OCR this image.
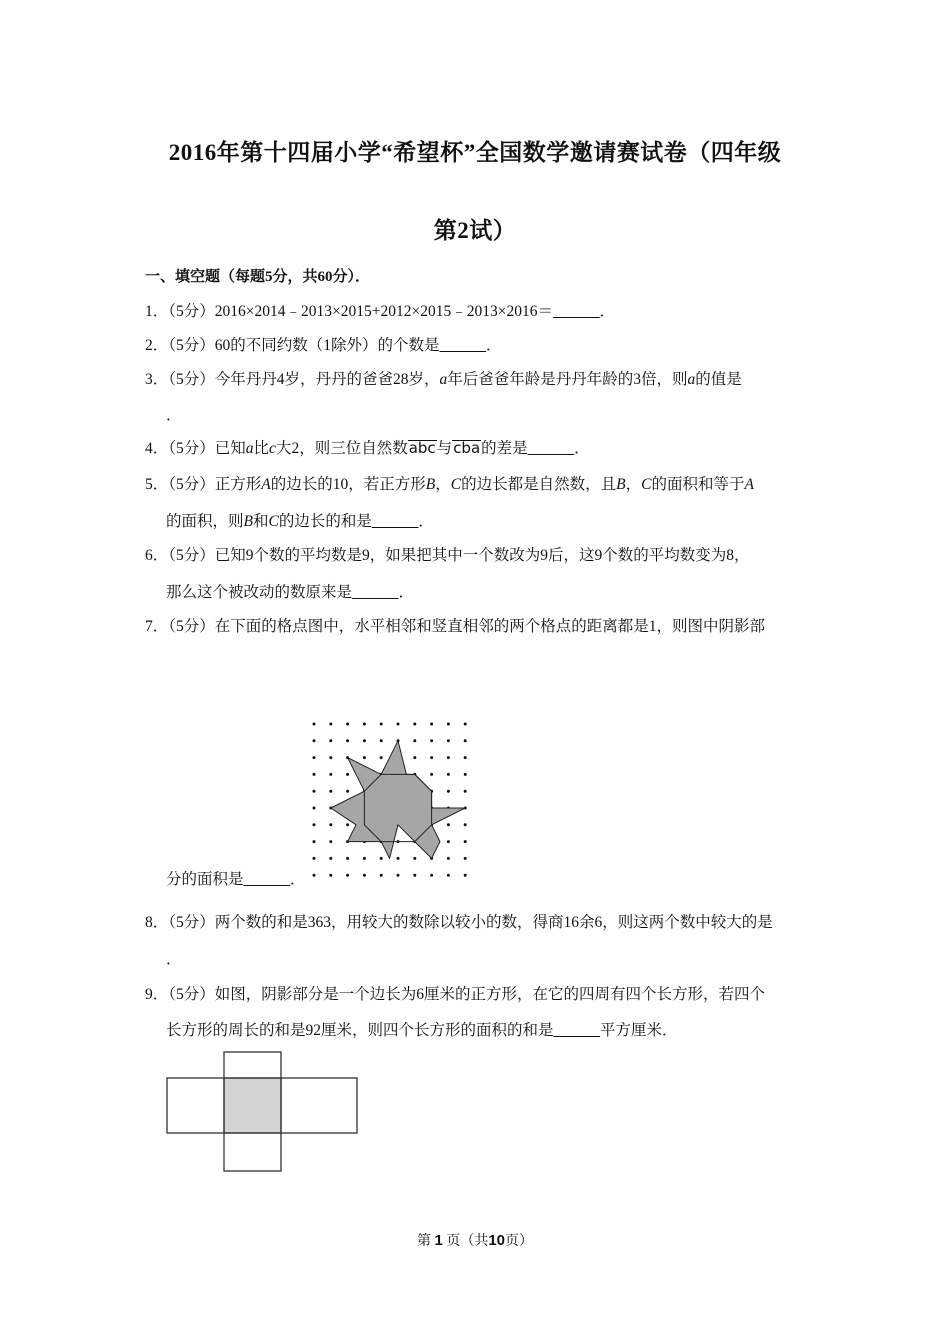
2016年第十四届小学“希望杯”全国数学邀请赛试卷（四年级
第2试）
一、填空题（每题5分，共60分）．
1．（5分）2016×2014﹣2013×2015+2012×2015﹣2013×2016＝______．
2．（5分）60的不同约数（1除外）的个数是______．
3．（5分）今年丹丹4岁，丹丹的爸爸28岁，a年后爸爸年龄是丹丹年龄的3倍，则a的值是
．
4．（5分）已知a比c大2，则三位自然数abc与cba的差是______．
5．（5分）正方形A的边长的10，若正方形B，C的边长都是自然数，且B，C的面积和等于A
的面积，则B和C的边长的和是______．
6．（5分）已知9个数的平均数是9，如果把其中一个数改为9后，这9个数的平均数变为8，
那么这个被改动的数原来是______．
7．（5分）在下面的格点图中，水平相邻和竖直相邻的两个格点的距离都是1，则图中阴影部
分的面积是______．
8．（5分）两个数的和是363，用较大的数除以较小的数，得商16余6，则这两个数中较大的是
．
9．（5分）如图，阴影部分是一个边长为6厘米的正方形，在它的四周有四个长方形，若四个
长方形的周长的和是92厘米，则四个长方形的面积的和是______平方厘米．
第 1 页（共10页）
